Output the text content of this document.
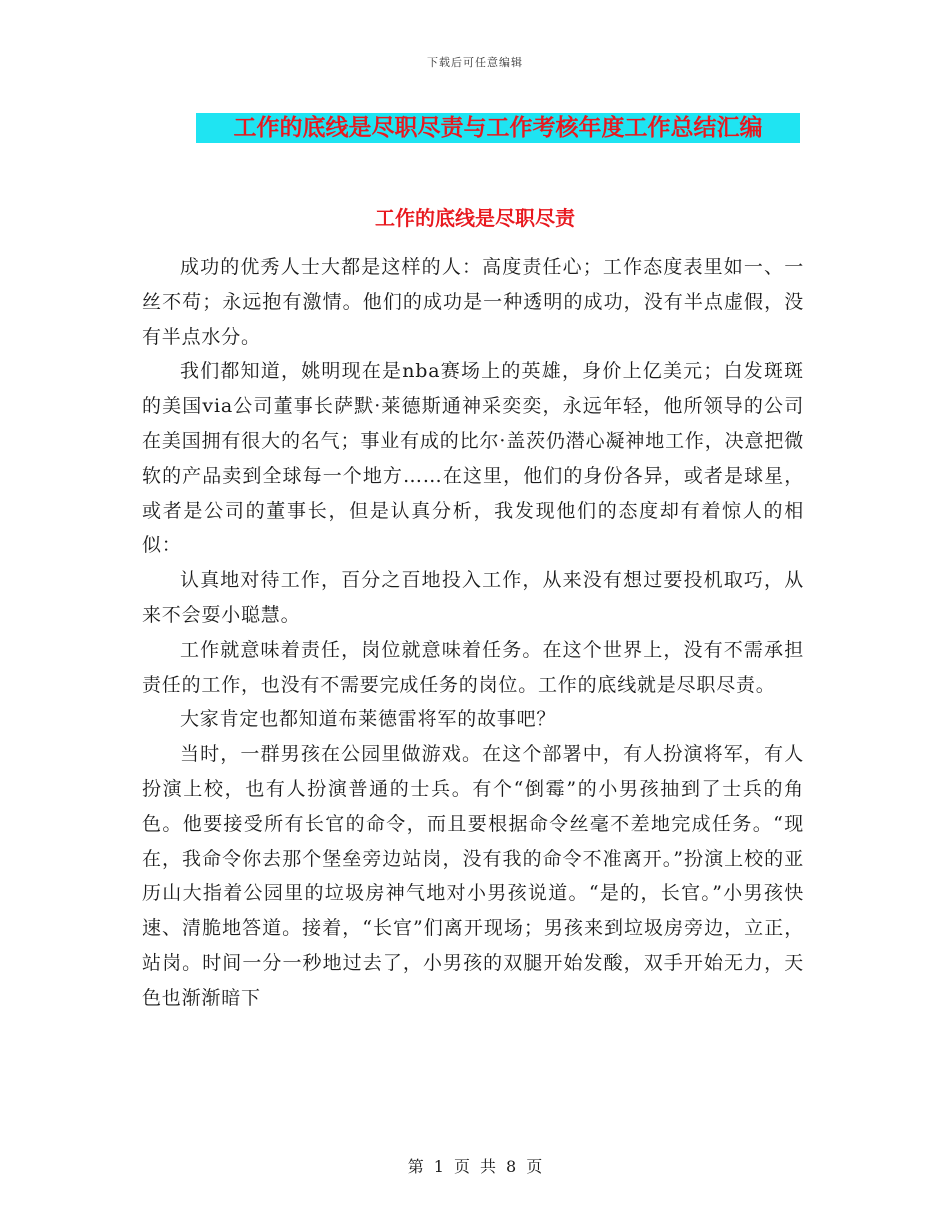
下载后可任意编辑
工作的底线是尽职尽责与工作考核年度工作总结汇编
工作的底线是尽职尽责

成功的优秀人士大都是这样的人：高度责任心；工作态度表里如一、一丝不苟；永远抱有激情。他们的成功是一种透明的成功，没有半点虚假，没有半点水分。

我们都知道，姚明现在是nba赛场上的英雄，身价上亿美元；白发斑斑的美国via公司董事长萨默·莱德斯通神采奕奕，永远年轻，他所领导的公司在美国拥有很大的名气；事业有成的比尔·盖茨仍潜心凝神地工作，决意把微软的产品卖到全球每一个地方……在这里，他们的身份各异，或者是球星，或者是公司的董事长，但是认真分析，我发现他们的态度却有着惊人的相似：

认真地对待工作，百分之百地投入工作，从来没有想过要投机取巧，从来不会耍小聪慧。

工作就意味着责任，岗位就意味着任务。在这个世界上，没有不需承担责任的工作，也没有不需要完成任务的岗位。工作的底线就是尽职尽责。

大家肯定也都知道布莱德雷将军的故事吧？

当时，一群男孩在公园里做游戏。在这个部署中，有人扮演将军，有人扮演上校，也有人扮演普通的士兵。有个“倒霉”的小男孩抽到了士兵的角色。他要接受所有长官的命令，而且要根据命令丝毫不差地完成任务。“现在，我命令你去那个堡垒旁边站岗，没有我的命令不准离开。”扮演上校的亚历山大指着公园里的垃圾房神气地对小男孩说道。“是的，长官。”小男孩快速、清脆地答道。接着，“长官”们离开现场；男孩来到垃圾房旁边，立正，站岗。时间一分一秒地过去了，小男孩的双腿开始发酸，双手开始无力，天色也渐渐暗下

第 1 页 共 8 页
